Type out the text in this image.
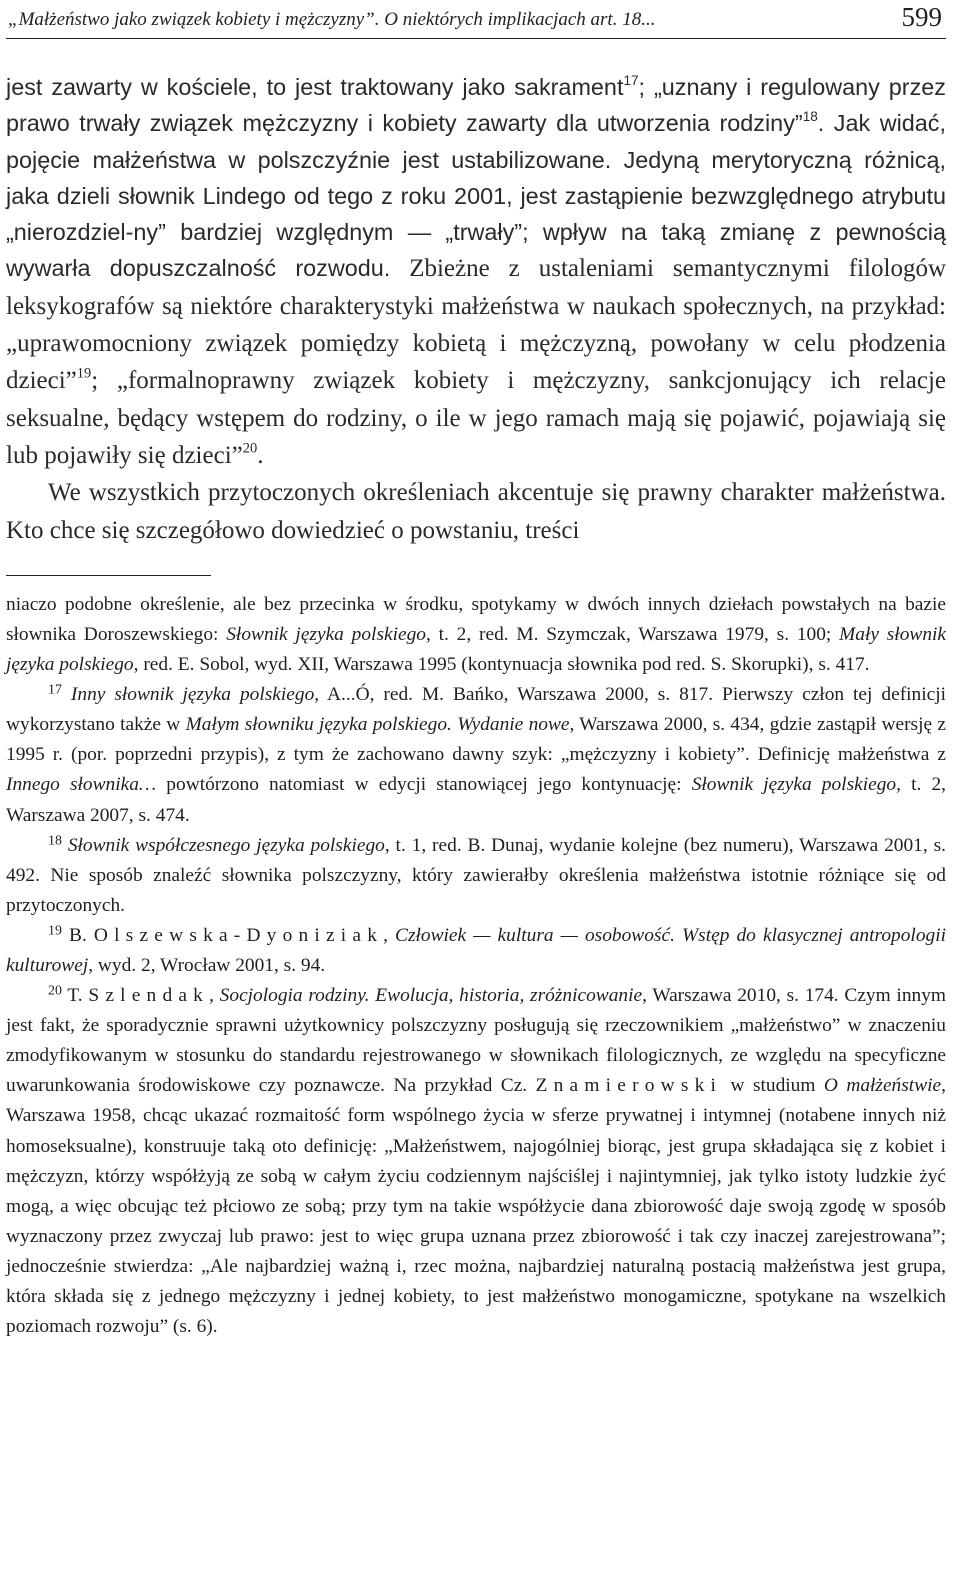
„Małżeństwo jako związek kobiety i mężczyzny”. O niektórych implikacjach art. 18...	599

jest zawarty w kościele, to jest traktowany jako sakrament$^{17}$; „uznany i regulowany przez prawo trwały związek mężczyzny i kobiety zawarty dla utworzenia rodziny”$^{18}$. Jak widać, pojęcie małżeństwa w polszczyźnie jest ustabilizowane. Jedyną merytoryczną różnicą, jaka dzieli słownik Lindego od tego z roku 2001, jest zastąpienie bezwzględnego atrybutu „nierozdziel-ny” bardziej względnym — „trwały”; wpływ na taką zmianę z pewnością wywarła dopuszczalność rozwodu. Zbieżne z ustaleniami semantycznymi filologów leksykografów są niektóre charakterystyki małżeństwa w naukach społecznych, na przykład: „uprawomocniony związek pomiędzy kobietą i mężczyzną, powołany w celu płodzenia dzieci”$^{19}$; „formalnoprawny związek kobiety i mężczyzny, sankcjonujący ich relacje seksualne, będący wstępem do rodziny, o ile w jego ramach mają się pojawić, pojawiają się lub pojawiły się dzieci”$^{20}$.

We wszystkich przytoczonych określeniach akcentuje się prawny charakter małżeństwa. Kto chce się szczegółowo dowiedzieć o powstaniu, treści

niaczo podobne określenie, ale bez przecinka w środku, spotykamy w dwóch innych dziełach powstałych na bazie słownika Doroszewskiego: Słownik języka polskiego, t. 2, red. M. Szymczak, Warszawa 1979, s. 100; Mały słownik języka polskiego, red. E. Sobol, wyd. XII, Warszawa 1995 (kontynuacja słownika pod red. S. Skorupki), s. 417.

$^{17}$ Inny słownik języka polskiego, A...Ó, red. M. Bańko, Warszawa 2000, s. 817. Pierwszy człon tej definicji wykorzystano także w Małym słowniku języka polskiego. Wydanie nowe, Warszawa 2000, s. 434, gdzie zastąpił wersję z 1995 r. (por. poprzedni przypis), z tym że zachowano dawny szyk: „mężczyzny i kobiety”. Definicję małżeństwa z Innego słownika… powtórzono natomiast w edycji stanowiącej jego kontynuację: Słownik języka polskiego, t. 2, Warszawa 2007, s. 474.

$^{18}$ Słownik współczesnego języka polskiego, t. 1, red. B. Dunaj, wydanie kolejne (bez numeru), Warszawa 2001, s. 492. Nie sposób znaleźć słownika polszczyzny, który zawierałby określenia małżeństwa istotnie różniące się od przytoczonych.

$^{19}$ B. Olszewska-Dyoniziak, Człowiek — kultura — osobowość. Wstęp do klasycznej antropologii kulturowej, wyd. 2, Wrocław 2001, s. 94.

$^{20}$ T. Szlendak, Socjologia rodziny. Ewolucja, historia, zróżnicowanie, Warszawa 2010, s. 174. Czym innym jest fakt, że sporadycznie sprawni użytkownicy polszczyzny posługują się rzeczownikiem „małżeństwo” w znaczeniu zmodyfikowanym w stosunku do standardu rejestrowanego w słownikach filologicznych, ze względu na specyficzne uwarunkowania środowiskowe czy poznawcze. Na przykład Cz. Znamierowski w studium O małżeństwie, Warszawa 1958, chcąc ukazać rozmaitość form wspólnego życia w sferze prywatnej i intymnej (notabene innych niż homoseksualne), konstruuje taką oto definicję: „Małżeństwem, najogólniej biorąc, jest grupa składająca się z kobiet i mężczyzn, którzy współżyją ze sobą w całym życiu codziennym najściślej i najintymniej, jak tylko istoty ludzkie żyć mogą, a więc obcując też płciowo ze sobą; przy tym na takie współżycie dana zbiorowość daje swoją zgodę w sposób wyznaczony przez zwyczaj lub prawo: jest to więc grupa uznana przez zbiorowość i tak czy inaczej zarejestrowana”; jednocześnie stwierdza: „Ale najbardziej ważną i, rzec można, najbardziej naturalną postacią małżeństwa jest grupa, która składa się z jednego mężczyzny i jednej kobiety, to jest małżeństwo monogamiczne, spotykane na wszelkich poziomach rozwoju” (s. 6).
